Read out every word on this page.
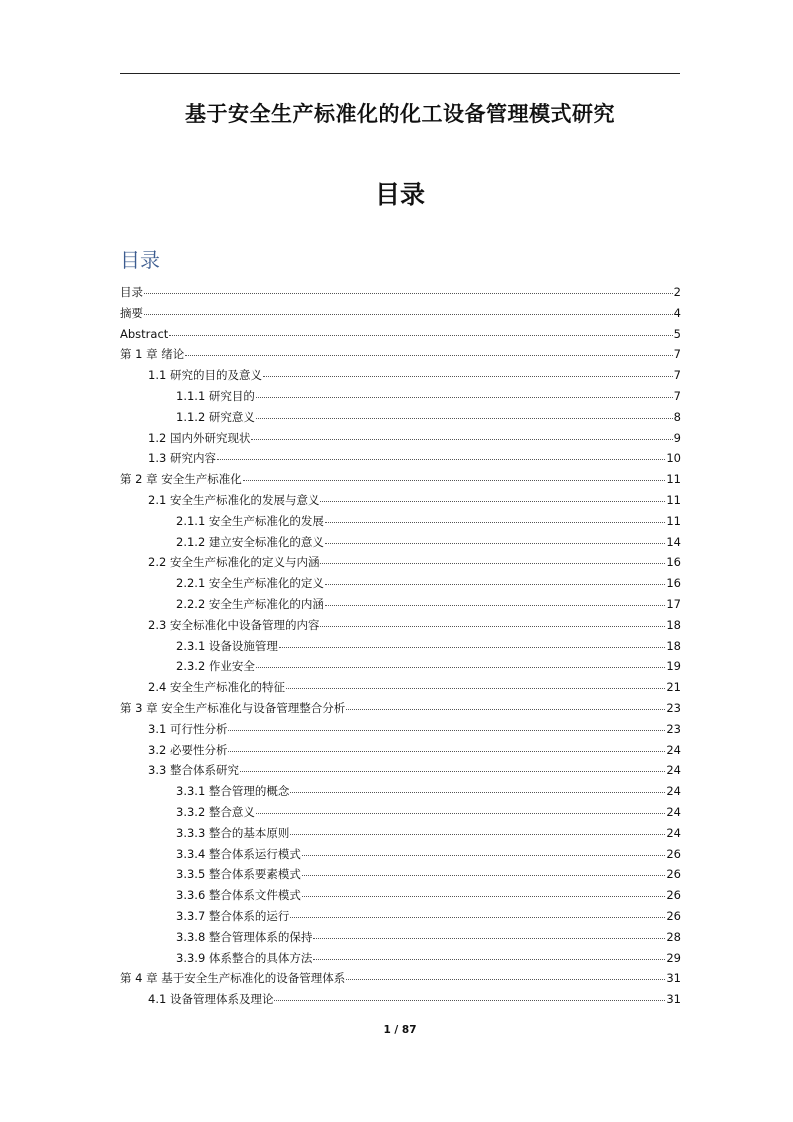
基于安全生产标准化的化工设备管理模式研究
目录
目录
目录	2
摘要	4
Abstract	5
第 1 章 绪论	7
1.1 研究的目的及意义	7
1.1.1 研究目的	7
1.1.2 研究意义	8
1.2 国内外研究现状	9
1.3 研究内容	10
第 2 章 安全生产标准化	11
2.1 安全生产标准化的发展与意义	11
2.1.1 安全生产标准化的发展	11
2.1.2 建立安全标准化的意义	14
2.2 安全生产标准化的定义与内涵	16
2.2.1 安全生产标准化的定义	16
2.2.2 安全生产标准化的内涵	17
2.3 安全标准化中设备管理的内容	18
2.3.1 设备设施管理	18
2.3.2 作业安全	19
2.4 安全生产标准化的特征	21
第 3 章 安全生产标准化与设备管理整合分析	23
3.1 可行性分析	23
3.2 必要性分析	24
3.3 整合体系研究	24
3.3.1 整合管理的概念	24
3.3.2 整合意义	24
3.3.3 整合的基本原则	24
3.3.4 整合体系运行模式	26
3.3.5 整合体系要素模式	26
3.3.6 整合体系文件模式	26
3.3.7 整合体系的运行	26
3.3.8 整合管理体系的保持	28
3.3.9 体系整合的具体方法	29
第 4 章 基于安全生产标准化的设备管理体系	31
4.1 设备管理体系及理论	31
1 / 87
